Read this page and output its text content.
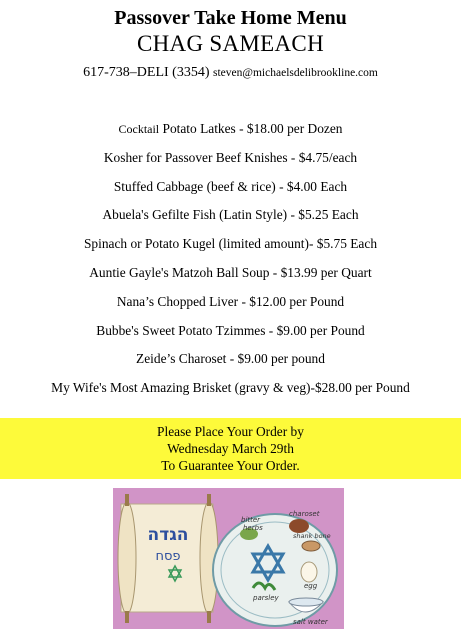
Passover Take Home Menu
CHAG SAMEACH
617-738–DELI (3354) steven@michaelsdelibrookline.com
Cocktail Potato Latkes - $18.00 per Dozen
Kosher for Passover Beef Knishes - $4.75/each
Stuffed Cabbage (beef & rice) - $4.00 Each
Abuela's Gefilte Fish (Latin Style) - $5.25 Each
Spinach or Potato Kugel (limited amount)- $5.75 Each
Auntie Gayle's Matzoh Ball Soup - $13.99 per Quart
Nana’s Chopped Liver - $12.00 per Pound
Bubbe's Sweet Potato Tzimmes - $9.00 per Pound
Zeide’s Charoset - $9.00 per pound
My Wife's Most Amazing Brisket (gravy & veg)-$28.00 per Pound
Please Place Your Order by
Wednesday March 29th
To Guarantee Your Order.
הגדה
פסח
bitter
herbs
charoset
shank bone
egg
parsley
salt water
